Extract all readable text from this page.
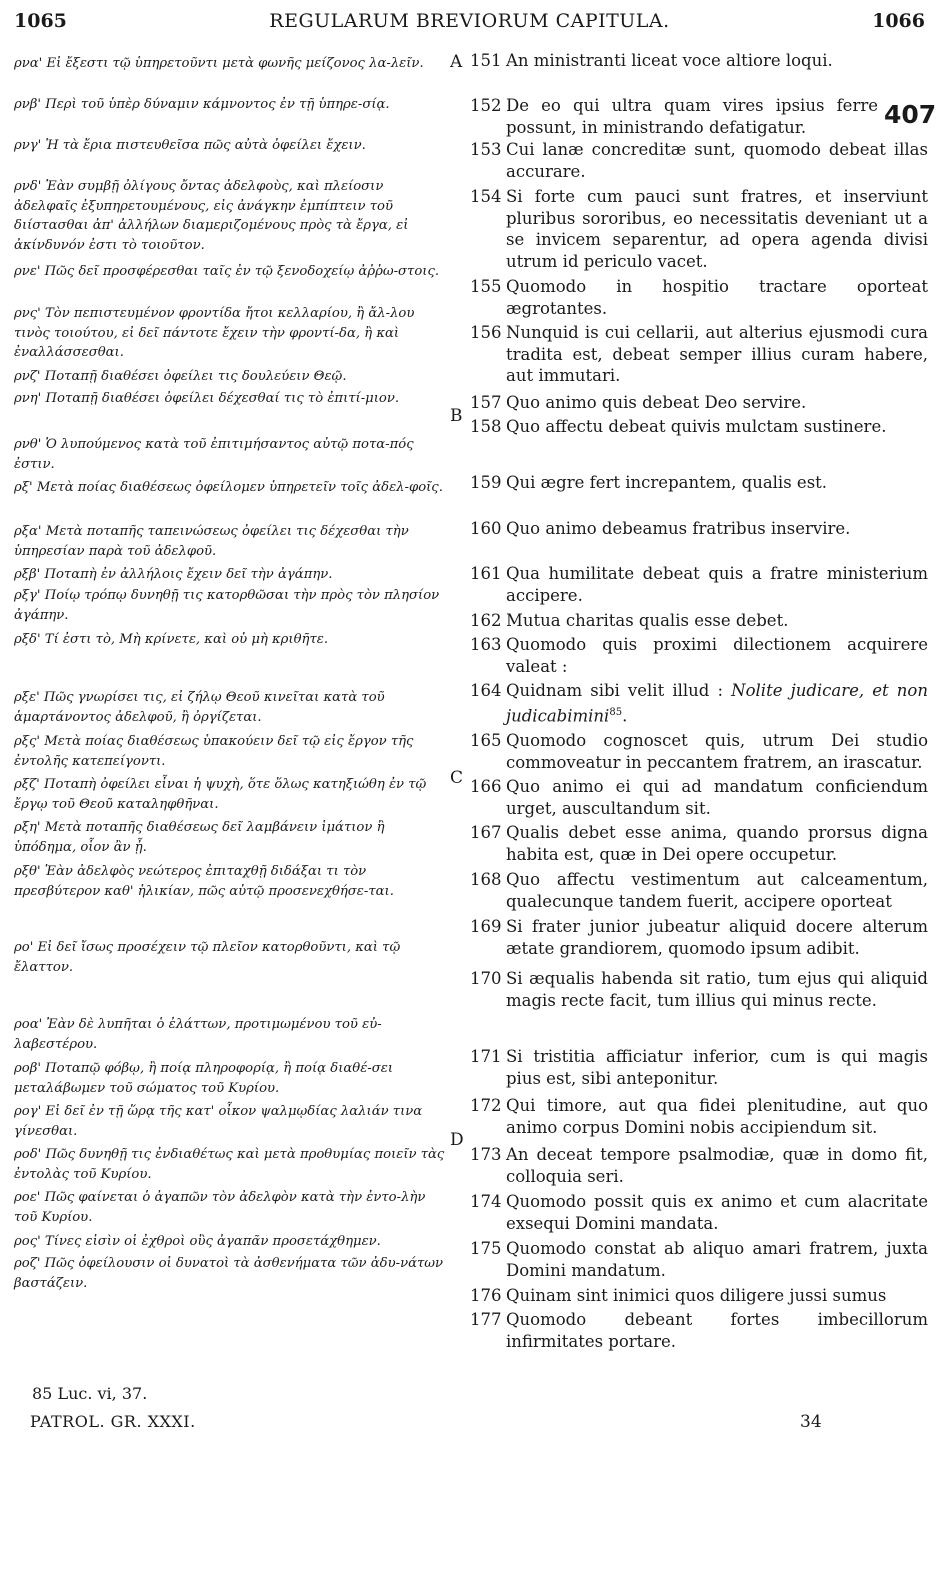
1065	REGULARUM BREVIORUM CAPITULA.	1066
407
A
B
C
D
ρνα' Εἰ ἔξεστι τῷ ὑπηρετοῦντι μετὰ φωνῆς μείζονος λα-λεῖν.
ρνβ' Περὶ τοῦ ὑπὲρ δύναμιν κάμνοντος ἐν τῇ ὑπηρε-σίᾳ.
ρνγ' Ἡ τὰ ἔρια πιστευθεῖσα πῶς αὐτὰ ὀφείλει ἔχειν.
ρνδ' Ἐὰν συμβῇ ὀλίγους ὄντας ἀδελφοὺς, καὶ πλείοσιν ἀδελφαῖς ἐξυπηρετουμένους, εἰς ἀνάγκην ἐμπίπτειν τοῦ διίστασθαι ἀπ' ἀλλήλων διαμεριζομένους πρὸς τὰ ἔργα, εἰ ἀκίνδυνόν ἐστι τὸ τοιοῦτον.
ρνε' Πῶς δεῖ προσφέρεσθαι ταῖς ἐν τῷ ξενοδοχείῳ ἀῤῥω-στοις.
ρνς' Τὸν πεπιστευμένον φροντίδα ἤτοι κελλαρίου, ἢ ἄλ-λου τινὸς τοιούτου, εἰ δεῖ πάντοτε ἔχειν τὴν φροντί-δα, ἢ καὶ ἐναλλάσσεσθαι.
ρνζ' Ποταπῇ διαθέσει ὀφείλει τις δουλεύειν Θεῷ.
ρνη' Ποταπῇ διαθέσει ὀφείλει δέχεσθαί τις τὸ ἐπιτί-μιον.
ρνθ' Ὁ λυπούμενος κατὰ τοῦ ἐπιτιμήσαντος αὐτῷ ποτα-πός ἐστιν.
ρξ' Μετὰ ποίας διαθέσεως ὀφείλομεν ὑπηρετεῖν τοῖς ἀδελ-φοῖς.
ρξα' Μετὰ ποταπῆς ταπεινώσεως ὀφείλει τις δέχεσθαι τὴν ὑπηρεσίαν παρὰ τοῦ ἀδελφοῦ.
ρξβ' Ποταπὴ ἐν ἀλλήλοις ἔχειν δεῖ τὴν ἀγάπην.
ρξγ' Ποίῳ τρόπῳ δυνηθῇ τις κατορθῶσαι τὴν πρὸς τὸν πλησίον ἀγάπην.
ρξδ' Τί ἐστι τὸ, Μὴ κρίνετε, καὶ οὐ μὴ κριθῆτε.
ρξε' Πῶς γνωρίσει τις, εἰ ζήλῳ Θεοῦ κινεῖται κατὰ τοῦ ἁμαρτάνοντος ἀδελφοῦ, ἢ ὀργίζεται.
ρξς' Μετὰ ποίας διαθέσεως ὑπακούειν δεῖ τῷ εἰς ἔργον τῆς ἐντολῆς κατεπείγοντι.
ρξζ' Ποταπὴ ὀφείλει εἶναι ἡ ψυχὴ, ὅτε ὅλως κατηξιώθη ἐν τῷ ἔργῳ τοῦ Θεοῦ καταληφθῆναι.
ρξη' Μετὰ ποταπῆς διαθέσεως δεῖ λαμβάνειν ἱμάτιον ἢ ὑπόδημα, οἷον ἂν ᾖ.
ρξθ' Ἐὰν ἀδελφὸς νεώτερος ἐπιταχθῇ διδάξαι τι τὸν πρεσβύτερον καθ' ἡλικίαν, πῶς αὐτῷ προσενεχθήσε-ται.
ρο' Εἰ δεῖ ἴσως προσέχειν τῷ πλεῖον κατορθοῦντι, καὶ τῷ ἔλαττον.
ροα' Ἐὰν δὲ λυπῆται ὁ ἐλάττων, προτιμωμένου τοῦ εὐ-λαβεστέρου.
ροβ' Ποταπῷ φόβῳ, ἢ ποίᾳ πληροφορίᾳ, ἢ ποίᾳ διαθέ-σει μεταλάβωμεν τοῦ σώματος τοῦ Κυρίου.
ρογ' Εἰ δεῖ ἐν τῇ ὥρᾳ τῆς κατ' οἶκον ψαλμῳδίας λαλιάν τινα γίνεσθαι.
ροδ' Πῶς δυνηθῇ τις ἐνδιαθέτως καὶ μετὰ προθυμίας ποιεῖν τὰς ἐντολὰς τοῦ Κυρίου.
ροε' Πῶς φαίνεται ὁ ἀγαπῶν τὸν ἀδελφὸν κατὰ τὴν ἐντο-λὴν τοῦ Κυρίου.
ρος' Τίνες εἰσὶν οἱ ἐχθροὶ οὓς ἀγαπᾶν προσετάχθημεν.
ροζ' Πῶς ὀφείλουσιν οἱ δυνατοὶ τὰ ἀσθενήματα τῶν ἀδυ-νάτων βαστάζειν.
151 An ministranti liceat voce altiore loqui.
152 De eo qui ultra quam vires ipsius ferre possunt, in ministrando defatigatur.
153 Cui lanæ concreditæ sunt, quomodo debeat illas accurare.
154 Si forte cum pauci sunt fratres, et inserviunt pluribus sororibus, eo necessitatis deveniant ut a se invicem separentur, ad opera agenda divisi utrum id periculo vacet.
155 Quomodo in hospitio tractare oporteat ægrotantes.
156 Nunquid is cui cellarii, aut alterius ejusmodi cura tradita est, debeat semper illius curam habere, aut immutari.
157 Quo animo quis debeat Deo servire.
158 Quo affectu debeat quivis mulctam sustinere.
159 Qui ægre fert increpantem, qualis est.
160 Quo animo debeamus fratribus inservire.
161 Qua humilitate debeat quis a fratre ministerium accipere.
162 Mutua charitas qualis esse debet.
163 Quomodo quis proximi dilectionem acquirere valeat :
164 Quidnam sibi velit illud : Nolite judicare, et non judicabimini$^{85}$.
165 Quomodo cognoscet quis, utrum Dei studio commoveatur in peccantem fratrem, an irascatur.
166 Quo animo ei qui ad mandatum conficiendum urget, auscultandum sit.
167 Qualis debet esse anima, quando prorsus digna habita est, quæ in Dei opere occupetur.
168 Quo affectu vestimentum aut calceamentum, qualecunque tandem fuerit, accipere oporteat
169 Si frater junior jubeatur aliquid docere alterum ætate grandiorem, quomodo ipsum adibit.
170 Si æqualis habenda sit ratio, tum ejus qui aliquid magis recte facit, tum illius qui minus recte.
171 Si tristitia afficiatur inferior, cum is qui magis pius est, sibi anteponitur.
172 Qui timore, aut qua fidei plenitudine, aut quo animo corpus Domini nobis accipiendum sit.
173 An deceat tempore psalmodiæ, quæ in domo fit, colloquia seri.
174 Quomodo possit quis ex animo et cum alacritate exsequi Domini mandata.
175 Quomodo constat ab aliquo amari fratrem, juxta Domini mandatum.
176 Quinam sint inimici quos diligere jussi sumus
177 Quomodo debeant fortes imbecillorum infirmitates portare.
85 Luc. vi, 37.
PATROL. GR. XXXI.	34
